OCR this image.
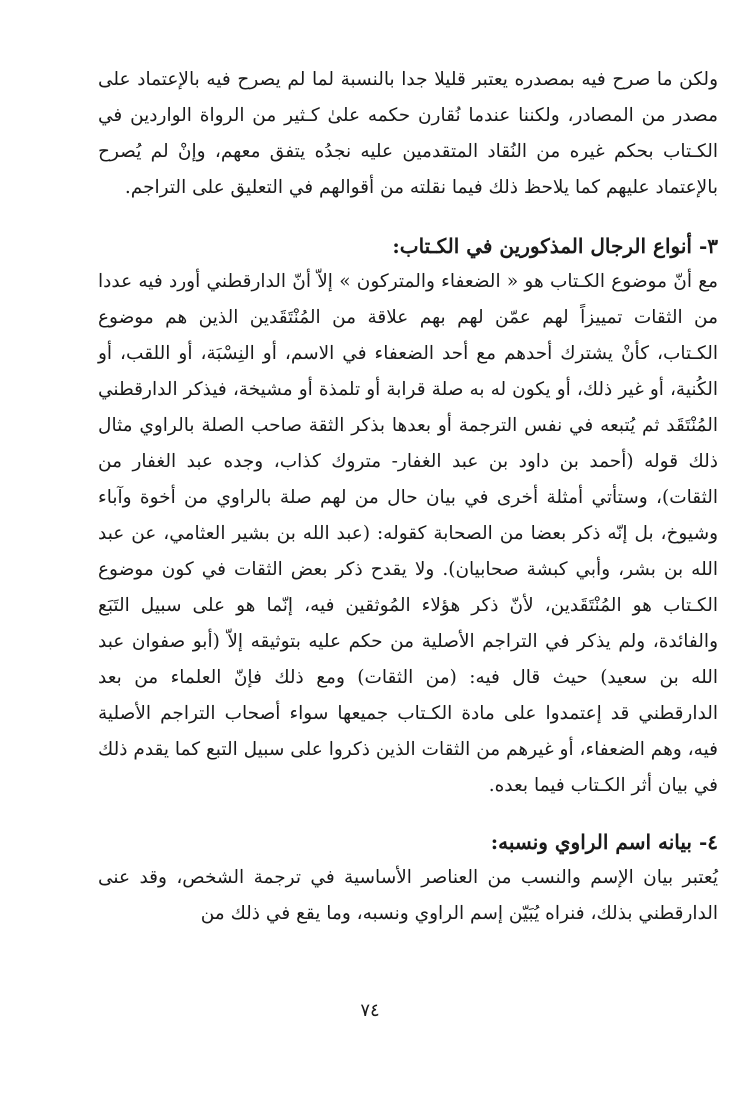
ولكن ما صرح فيه بمصدره يعتبر قليلا جدا بالنسبة لما لم يصرح فيه بالإعتماد على مصدر من المصادر، ولكننا عندما نُقارن حكمه علىٰ كـثير من الرواة الواردين في الكـتاب بحكم غيره من النُقاد المتقدمين عليه نجدُه يتفق معهم، وإنْ لم يُصرح بالإعتماد عليهم كما يلاحظ ذلك فيما نقلته من أقوالهم في التعليق على التراجم.

٣- أنواع الرجال المذكورين في الكـتاب:

مع أنّ موضوع الكـتاب هو « الضعفاء والمتركون » إلاّ أنّ الدارقطني أورد فيه عددا من الثقات تمييزاً لهم عمّن لهم بهم علاقة من المُنْتَقَدين الذين هم موضوع الكـتاب، كأنْ يشترك أحدهم مع أحد الضعفاء في الاسم، أو النِسْبَة، أو اللقب، أو الكُنية، أو غير ذلك، أو يكون له به صلة قرابة أو تلمذة أو مشيخة، فيذكر الدارقطني المُنْتَقَد ثم يُتبعه في نفس الترجمة أو بعدها بذكر الثقة صاحب الصلة بالراوي مثال ذلك قوله (أحمد بن داود بن عبد الغفار- متروك كذاب، وجده عبد الغفار من الثقات)، وستأتي أمثلة أخرى في بيان حال من لهم صلة بالراوي من أخوة وآباء وشيوخ، بل إنّه ذكر بعضا من الصحابة كقوله: (عبد الله بن بشير العثامي، عن عبد الله بن بشر، وأبي كبشة صحابيان). ولا يقدح ذكر بعض الثقات في كون موضوع الكـتاب هو المُنْتَقَدين، لأنّ ذكر هؤلاء المُوثقين فيه، إنّما هو على سبيل التَبَع والفائدة، ولم يذكر في التراجم الأصلية من حكم عليه بتوثيقه إلاّ (أبو صفوان عبد الله بن سعيد) حيث قال فيه: (من الثقات) ومع ذلك فإنّ العلماء من بعد الدارقطني قد إعتمدوا على مادة الكـتاب جميعها سواء أصحاب التراجم الأصلية فيه، وهم الضعفاء، أو غيرهم من الثقات الذين ذكروا على سبيل التبع كما يقدم ذلك في بيان أثر الكـتاب فيما بعده.

٤- بيانه اسم الراوي ونسبه:

يُعتبر بيان الإسم والنسب من العناصر الأساسية في ترجمة الشخص، وقد عنى الدارقطني بذلك، فنراه يُبَيّن إسم الراوي ونسبه، وما يقع في ذلك من

٧٤
